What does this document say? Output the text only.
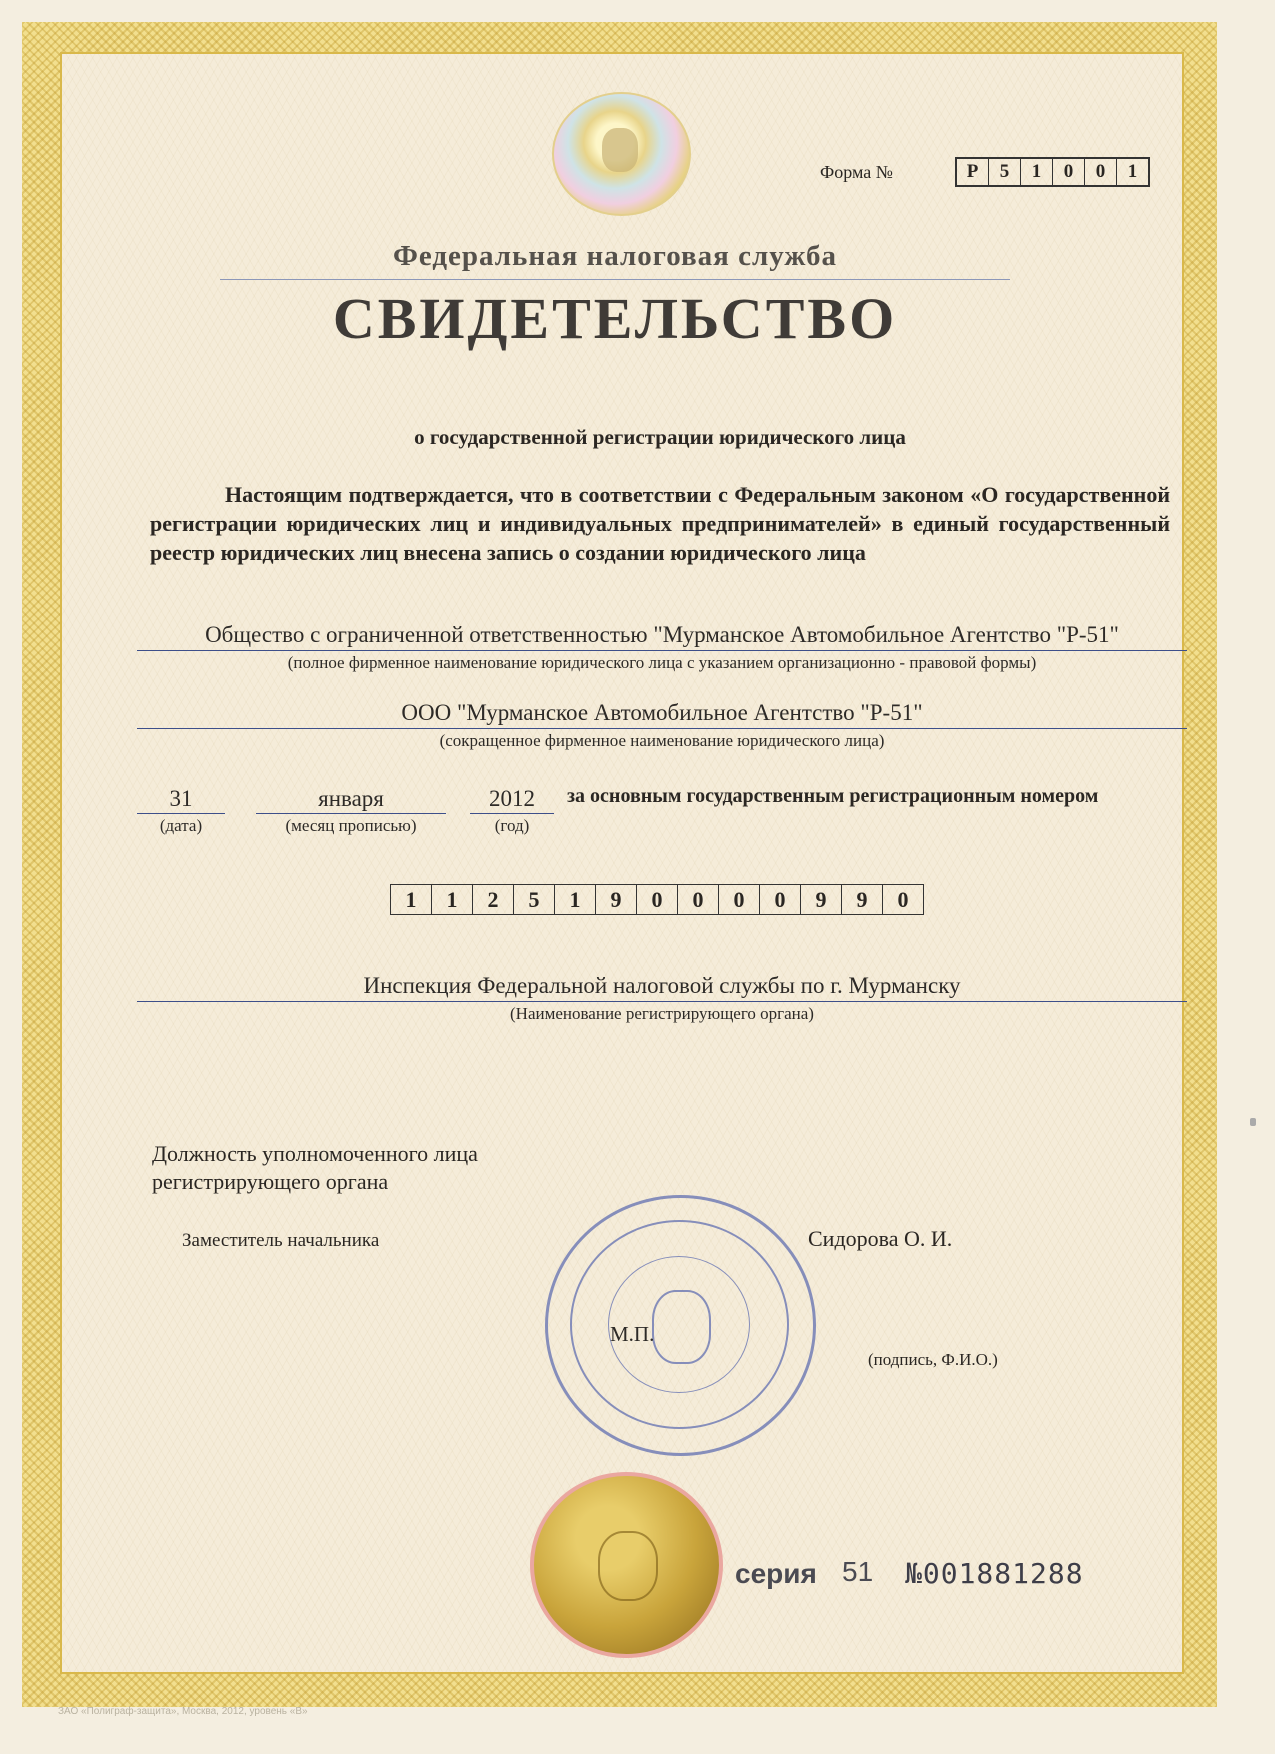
Форма №	Р	5	1	0	0	1
Федеральная налоговая служба
СВИДЕТЕЛЬСТВО
о государственной регистрации юридического лица
Настоящим подтверждается, что в соответствии с Федеральным законом «О государственной регистрации юридических лиц и индивидуальных предпринимателей» в единый государственный реестр юридических лиц внесена запись о создании юридического лица
Общество с ограниченной ответственностью "Мурманское Автомобильное Агентство "Р-51"
(полное фирменное наименование юридического лица с указанием организационно - правовой формы)
ООО "Мурманское Автомобильное Агентство "Р-51"
(сокращенное фирменное наименование юридического лица)
31
(дата)
января
(месяц прописью)
2012
(год)
за основным государственным регистрационным номером
1	1	2	5	1	9	0	0	0	0	9	9	0
Инспекция Федеральной налоговой службы по г. Мурманску
(Наименование регистрирующего органа)
Должность уполномоченного лица регистрирующего органа
Заместитель начальника	Сидорова О. И.
(подпись, Ф.И.О.)
М.П.
серия 51 №001881288
ЗАО «Полиграф-защита», Москва, 2012, уровень «В»
